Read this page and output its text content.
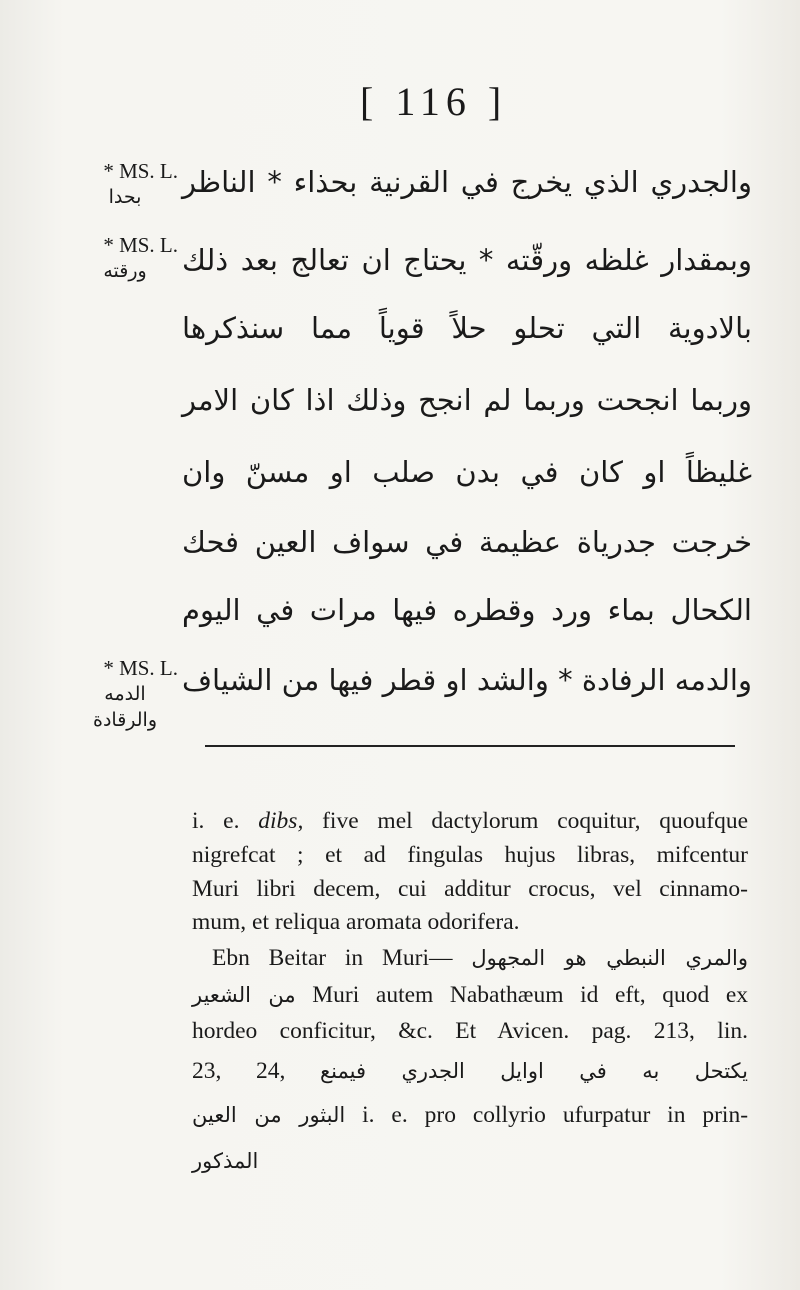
[ 116 ]
* MS. L.
بحدا
* MS. L.
ورقته
* MS. L.
الدمه
والرقادة
والجدري الذي يخرج في القرنية بحذاء * الناظر
وبمقدار غلظه ورقّته * يحتاج ان تعالج بعد ذلك
بالادوية التي تحلو حلاً قوياً مما سنذكرها
وربما انجحت وربما لم انجح وذلك اذا كان الامر
غليظاً او كان في بدن صلب او مسنّ وان
خرجت جدرياة عظيمة في سواف العين فحك
الكحال بماء ورد وقطره فيها مرات في اليوم
والدمه الرفادة * والشد او قطر فيها من الشياف
i. e. dibs, five mel dactylorum coquitur, quoufque
nigrefcat ; et ad fingulas hujus libras, mifcentur
Muri libri decem, cui additur crocus, vel cinnamo-
mum, et reliqua aromata odorifera.
Ebn Beitar in Muri— والمري النبطي هو المجهول
من الشعير Muri autem Nabathæum id eft, quod ex
hordeo conficitur, &c. Et Avicen. pag. 213, lin.
23, 24, يكتحل به في اوايل الجدري فيمنع
البثور من العين i. e. pro collyrio ufurpatur in prin-
المذكور
